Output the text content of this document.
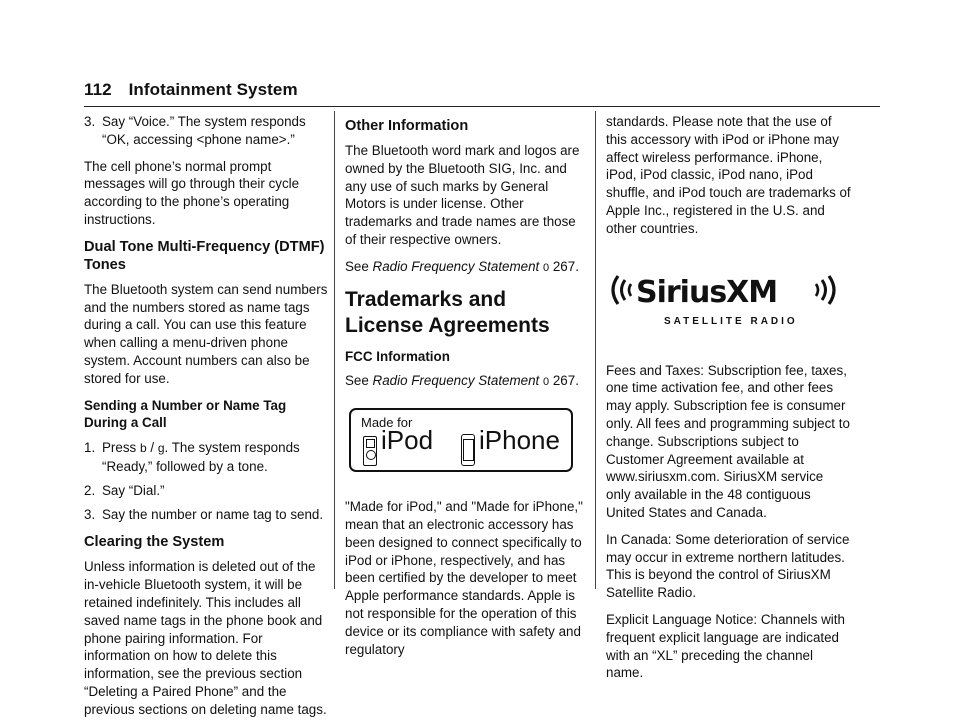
112 Infotainment System
3. Say “Voice.” The system responds “OK, accessing <phone name>.”

The cell phone’s normal prompt messages will go through their cycle according to the phone’s operating instructions.

Dual Tone Multi-Frequency (DTMF) Tones

The Bluetooth system can send numbers and the numbers stored as name tags during a call. You can use this feature when calling a menu-driven phone system. Account numbers can also be stored for use.

Sending a Number or Name Tag During a Call
1. Press b / g. The system responds “Ready,” followed by a tone.
2. Say “Dial.”
3. Say the number or name tag to send.
Clearing the System

Unless information is deleted out of the in-vehicle Bluetooth system, it will be retained indefinitely. This includes all saved name tags in the phone book and phone pairing information. For information on how to delete this information, see the previous section “Deleting a Paired Phone” and the previous sections on deleting name tags.

Other Information

The Bluetooth word mark and logos are owned by the Bluetooth SIG, Inc. and any use of such marks by General Motors is under license. Other trademarks and trade names are those of their respective owners.

See Radio Frequency Statement 0 267.

Trademarks and License Agreements
FCC Information

See Radio Frequency Statement 0 267.

Made for
iPod iPhone

"Made for iPod," and "Made for iPhone," mean that an electronic accessory has been designed to connect specifically to iPod or iPhone, respectively, and has been certified by the developer to meet Apple performance standards. Apple is not responsible for the operation of this device or its compliance with safety and regulatory

standards. Please note that the use of this accessory with iPod or iPhone may affect wireless performance. iPhone, iPod, iPod classic, iPod nano, iPod shuffle, and iPod touch are trademarks of Apple Inc., registered in the U.S. and other countries.

SiriusXM
SATELLITE RADIO

Fees and Taxes: Subscription fee, taxes, one time activation fee, and other fees may apply. Subscription fee is consumer only. All fees and programming subject to change. Subscriptions subject to Customer Agreement available at www.siriusxm.com. SiriusXM service only available in the 48 contiguous United States and Canada.

In Canada: Some deterioration of service may occur in extreme northern latitudes. This is beyond the control of SiriusXM Satellite Radio.

Explicit Language Notice: Channels with frequent explicit language are indicated with an “XL” preceding the channel name.
